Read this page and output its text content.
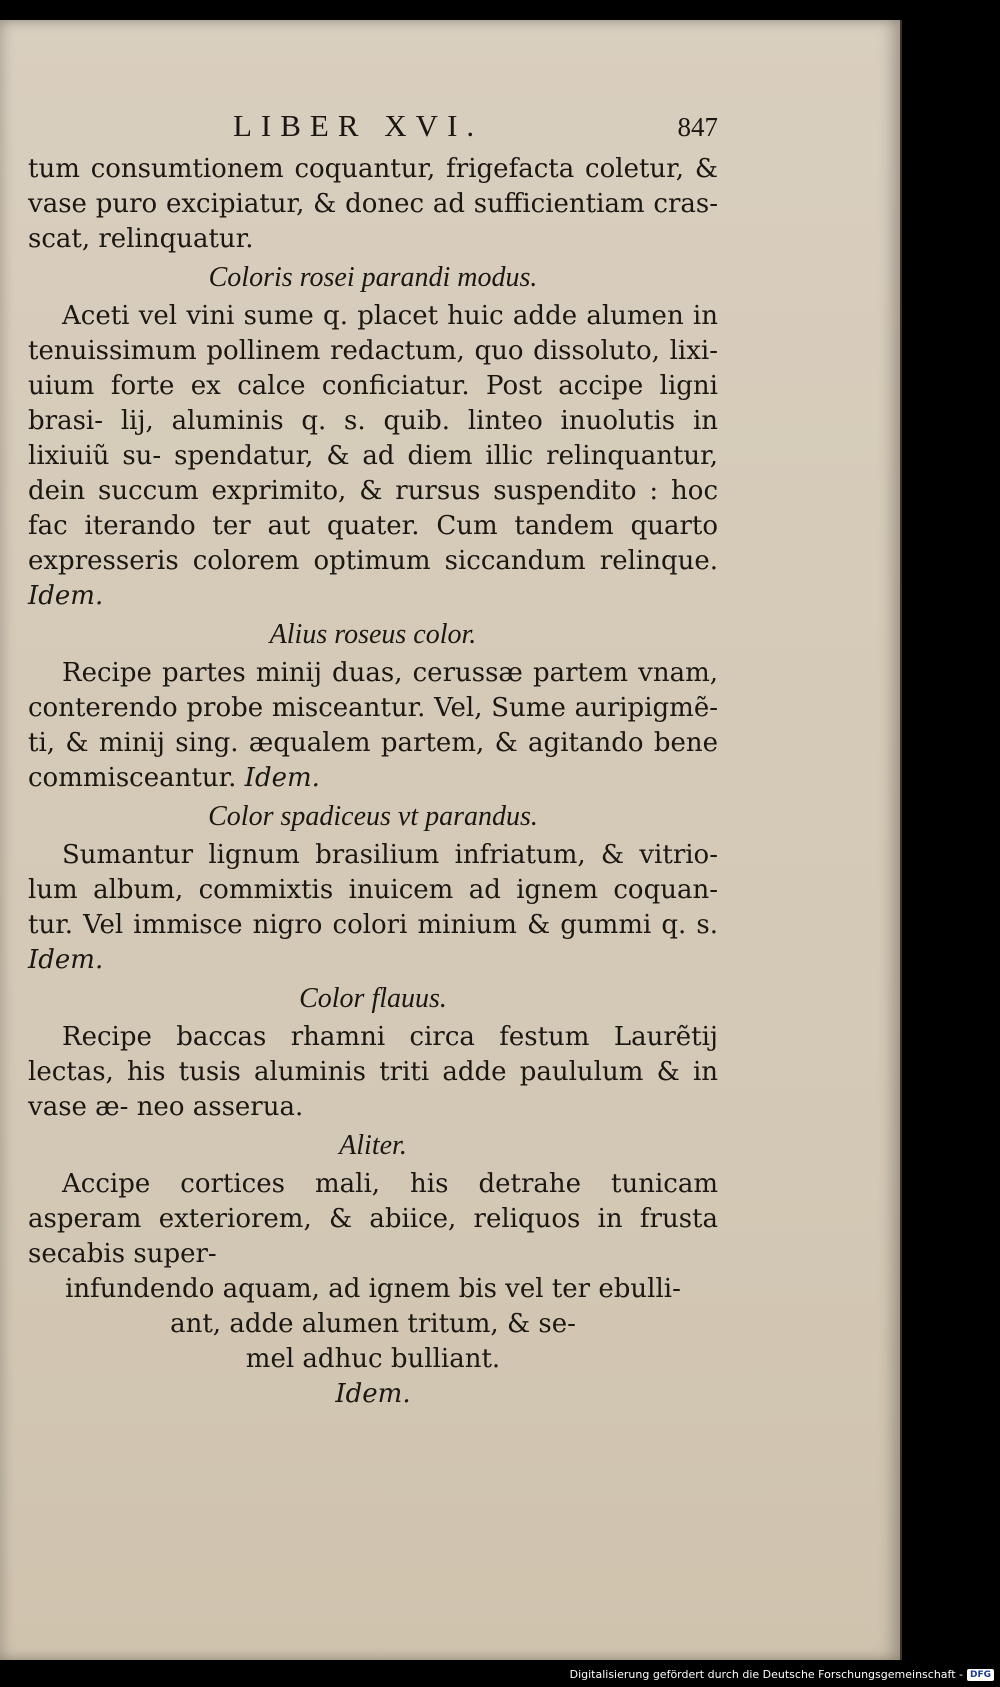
LIBER XVI.	847

tum consumtionem coquantur, frigefacta coletur, & vase puro excipiatur, & donec ad sufficientiam cras- scat, relinquatur.

Coloris rosei parandi modus.

Aceti vel vini sume q. placet huic adde alumen in tenuissimum pollinem redactum, quo dissoluto, lixi- uium forte ex calce conficiatur. Post accipe ligni brasi- lij, aluminis q. s. quib. linteo inuolutis in lixiuiũ su- spendatur, & ad diem illic relinquantur, dein succum exprimito, & rursus suspendito : hoc fac iterando ter aut quater. Cum tandem quarto expresseris colorem optimum siccandum relinque. Idem.

Alius roseus color.

Recipe partes minij duas, cerussæ partem vnam, conterendo probe misceantur. Vel, Sume auripigmẽ- ti, & minij sing. æqualem partem, & agitando bene commisceantur. Idem.

Color spadiceus vt parandus.

Sumantur lignum brasilium infriatum, & vitrio- lum album, commixtis inuicem ad ignem coquan- tur. Vel immisce nigro colori minium & gummi q. s. Idem.

Color flauus.

Recipe baccas rhamni circa festum Laurẽtij lectas, his tusis aluminis triti adde paululum & in vase æ- neo asserua.

Aliter.

Accipe cortices mali, his detrahe tunicam asperam exteriorem, & abiice, reliquos in frusta secabis super-

infundendo aquam, ad ignem bis vel ter ebulli-

ant, adde alumen tritum, & se-

mel adhuc bulliant.

Idem.

Digitalisierung gefördert durch die Deutsche Forschungsgemeinschaft - DFG
